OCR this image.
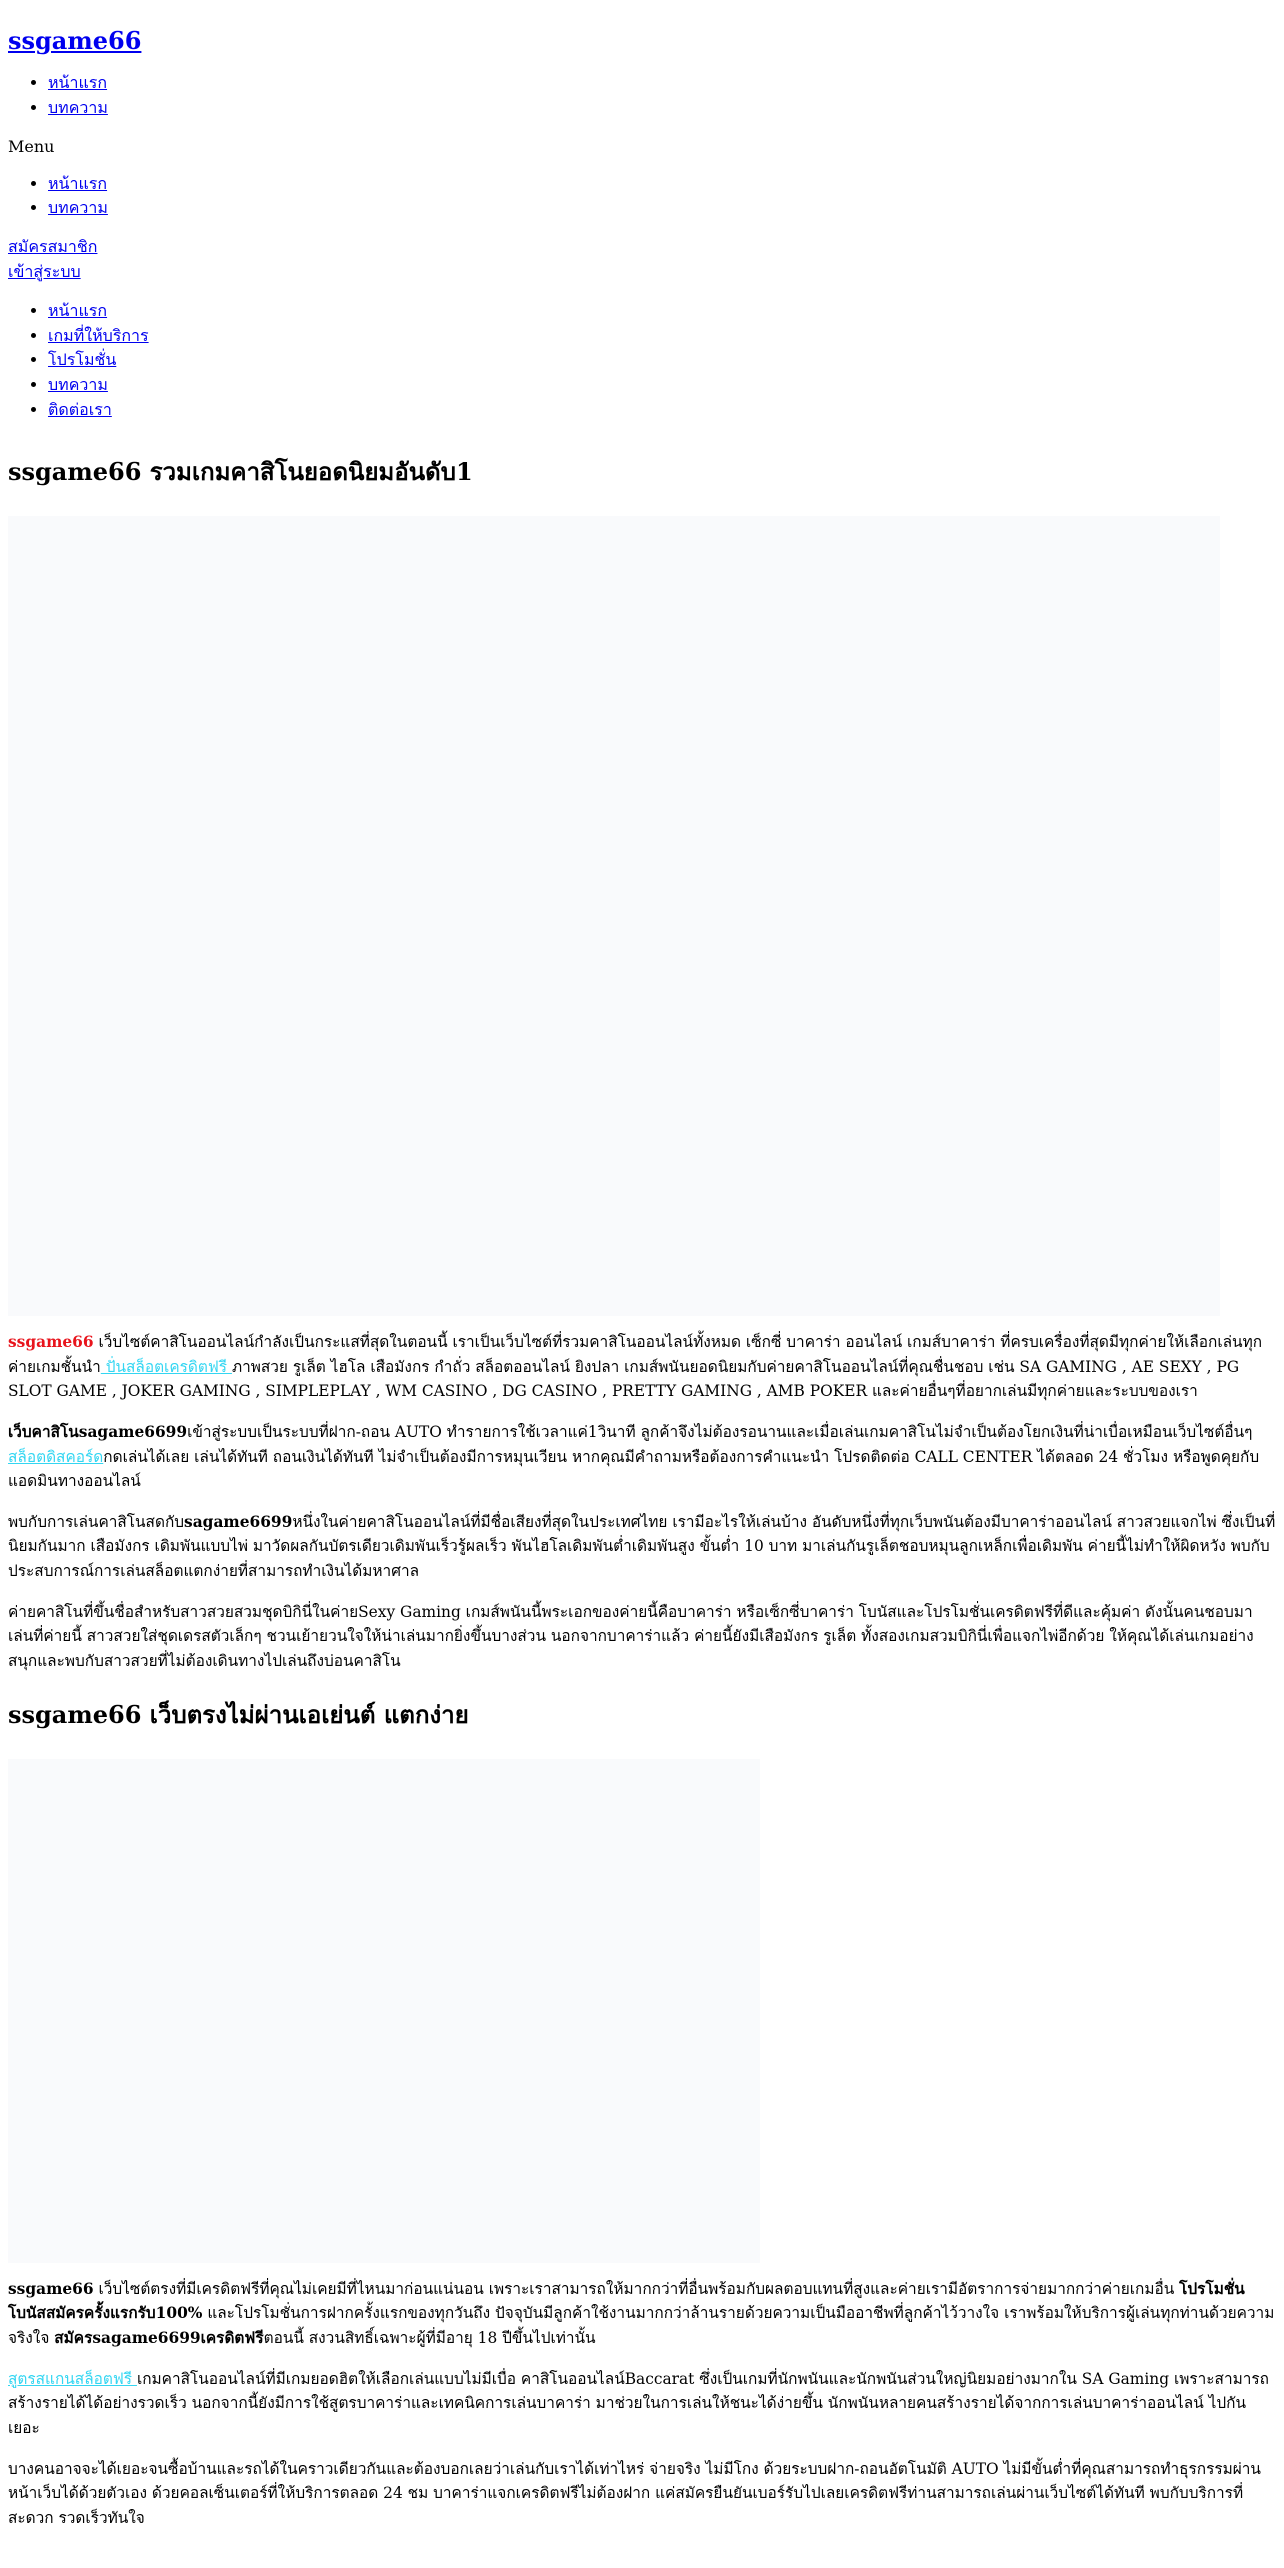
ssgame66
• หน้าแรก
• บทความ
Menu
• หน้าแรก
• บทความ
สมัครสมาชิก
เข้าสู่ระบบ
• หน้าแรก
• เกมที่ให้บริการ
• โปรโมชั่น
• บทความ
• ติดต่อเรา
ssgame66 รวมเกมคาสิโนยอดนิยมอันดับ1

ssgame66 เว็บไซต์คาสิโนออนไลน์กำลังเป็นกระแสที่สุดในตอนนี้ เราเป็นเว็บไซต์ที่รวมคาสิโนออนไลน์ทั้งหมด เซ็กซี่ บาคาร่า ออนไลน์ เกมส์บาคาร่า ที่ครบเครื่องที่สุดมีทุกค่ายให้เลือกเล่นทุกค่ายเกมชั้นนำ ปั่นสล็อตเครดิตฟรี ภาพสวย รูเล็ต ไฮโล เสือมังกร กำถั่ว สล็อตออนไลน์ ยิงปลา เกมส์พนันยอดนิยมกับค่ายคาสิโนออนไลน์ที่คุณชื่นชอบ เช่น SA GAMING , AE SEXY , PG SLOT GAME , JOKER GAMING , SIMPLEPLAY , WM CASINO , DG CASINO , PRETTY GAMING , AMB POKER และค่ายอื่นๆที่อยากเล่นมีทุกค่ายและระบบของเรา

เว็บคาสิโนsagame6699เข้าสู่ระบบเป็นระบบที่ฝาก-ถอน AUTO ทำรายการใช้เวลาแค่1วินาที ลูกค้าจึงไม่ต้องรอนานและเมื่อเล่นเกมคาสิโนไม่จำเป็นต้องโยกเงินที่น่าเบื่อเหมือนเว็บไซต์อื่นๆสล็อตดิสคอร์ดกดเล่นได้เลย เล่นได้ทันที ถอนเงินได้ทันที ไม่จำเป็นต้องมีการหมุนเวียน หากคุณมีคำถามหรือต้องการคำแนะนำ โปรดติดต่อ CALL CENTER ได้ตลอด 24 ชั่วโมง หรือพูดคุยกับแอดมินทางออนไลน์

พบกับการเล่นคาสิโนสดกับsagame6699หนึ่งในค่ายคาสิโนออนไลน์ที่มีชื่อเสียงที่สุดในประเทศไทย เรามีอะไรให้เล่นบ้าง อันดับหนึ่งที่ทุกเว็บพนันต้องมีบาคาร่าออนไลน์ สาวสวยแจกไพ่ ซึ่งเป็นที่นิยมกันมาก เสือมังกร เดิมพันแบบไพ่ มาวัดผลกันบัตรเดียวเดิมพันเร็วรู้ผลเร็ว พันไฮโลเดิมพันต่ำเดิมพันสูง ขั้นต่ำ 10 บาท มาเล่นกันรูเล็ตชอบหมุนลูกเหล็กเพื่อเดิมพัน ค่ายนี้ไม่ทำให้ผิดหวัง พบกับประสบการณ์การเล่นสล็อตแตกง่ายที่สามารถทำเงินได้มหาศาล

ค่ายคาสิโนที่ขึ้นชื่อสำหรับสาวสวยสวมชุดบิกินี่ในค่ายSexy Gaming เกมส์พนันนี้พระเอกของค่ายนี้คือบาคาร่า หรือเซ็กซี่บาคาร่า โบนัสและโปรโมชั่นเครดิตฟรีที่ดีและคุ้มค่า ดังนั้นคนชอบมาเล่นที่ค่ายนี้ สาวสวยใส่ชุดเดรสตัวเล็กๆ ชวนเย้ายวนใจให้น่าเล่นมากยิ่งขึ้นบางส่วน นอกจากบาคาร่าแล้ว ค่ายนี้ยังมีเสือมังกร รูเล็ต ทั้งสองเกมสวมบิกินี่เพื่อแจกไพ่อีกด้วย ให้คุณได้เล่นเกมอย่างสนุกและพบกับสาวสวยที่ไม่ต้องเดินทางไปเล่นถึงบ่อนคาสิโน

ssgame66 เว็บตรงไม่ผ่านเอเย่นต์ แตกง่าย

ssgame66 เว็บไซต์ตรงที่มีเครดิตฟรีที่คุณไม่เคยมีที่ไหนมาก่อนแน่นอน เพราะเราสามารถให้มากกว่าที่อื่นพร้อมกับผลตอบแทนที่สูงและค่ายเรามีอัตราการจ่ายมากกว่าค่ายเกมอื่น โปรโมชั่นโบนัสสมัครครั้งแรกรับ100% และโปรโมชั่นการฝากครั้งแรกของทุกวันถึง ปัจจุบันมีลูกค้าใช้งานมากกว่าล้านรายด้วยความเป็นมืออาชีพที่ลูกค้าไว้วางใจ เราพร้อมให้บริการผู้เล่นทุกท่านด้วยความจริงใจ สมัครsagame6699เครดิตฟรีตอนนี้ สงวนสิทธิ์เฉพาะผู้ที่มีอายุ 18 ปีขึ้นไปเท่านั้น

สูตรสแกนสล็อตฟรี เกมคาสิโนออนไลน์ที่มีเกมยอดฮิตให้เลือกเล่นแบบไม่มีเบื่อ คาสิโนออนไลน์Baccarat ซึ่งเป็นเกมที่นักพนันและนักพนันส่วนใหญ่นิยมอย่างมากใน SA Gaming เพราะสามารถสร้างรายได้ได้อย่างรวดเร็ว นอกจากนี้ยังมีการใช้สูตรบาคาร่าและเทคนิคการเล่นบาคาร่า มาช่วยในการเล่นให้ชนะได้ง่ายขึ้น นักพนันหลายคนสร้างรายได้จากการเล่นบาคาร่าออนไลน์ ไปกันเยอะ

บางคนอาจจะได้เยอะจนซื้อบ้านและรถได้ในคราวเดียวกันและต้องบอกเลยว่าเล่นกับเราได้เท่าไหร่ จ่ายจริง ไม่มีโกง ด้วยระบบฝาก-ถอนอัตโนมัติ AUTO ไม่มีขั้นต่ำที่คุณสามารถทำธุรกรรมผ่านหน้าเว็บได้ด้วยตัวเอง ด้วยคอลเซ็นเตอร์ที่ให้บริการตลอด 24 ชม บาคาร่าแจกเครดิตฟรีไม่ต้องฝาก แค่สมัครยืนยันเบอร์รับไปเลยเครดิตฟรีท่านสามารถเล่นผ่านเว็บไซต์ได้ทันที พบกับบริการที่สะดวก รวดเร็วทันใจ
